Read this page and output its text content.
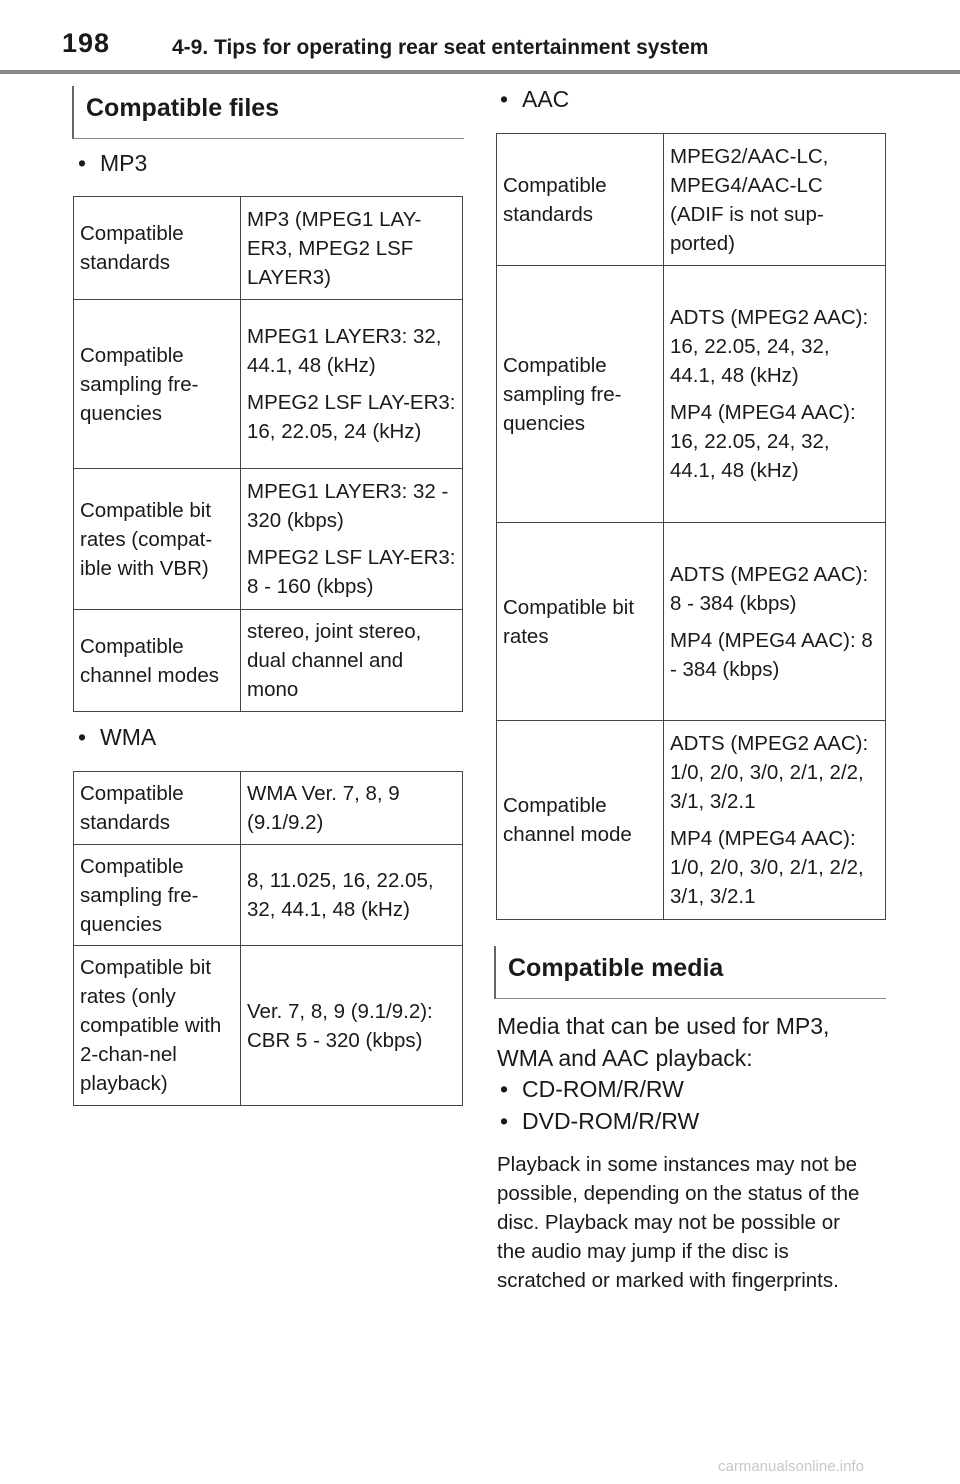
198	4-9. Tips for operating rear seat entertainment system
Compatible files
• MP3
Compatible standards	MP3 (MPEG1 LAY-ER3, MPEG2 LSF LAYER3)

Compatible sampling fre-quencies	MPEG1 LAYER3: 32, 44.1, 48 (kHz)

MPEG2 LSF LAY-ER3: 16, 22.05, 24 (kHz)

Compatible bit rates (compat-ible with VBR)	MPEG1 LAYER3: 32 - 320 (kbps)

MPEG2 LSF LAY-ER3: 8 - 160 (kbps)

Compatible channel modes	stereo, joint stereo, dual channel and mono

• WMA
Compatible standards	WMA Ver. 7, 8, 9 (9.1/9.2)

Compatible sampling fre-quencies	8, 11.025, 16, 22.05, 32, 44.1, 48 (kHz)

Compatible bit rates (only compatible with 2-chan-nel playback)	Ver. 7, 8, 9 (9.1/9.2): CBR 5 - 320 (kbps)

• AAC
Compatible standards	MPEG2/AAC-LC, MPEG4/AAC-LC (ADIF is not sup-ported)

Compatible sampling fre-quencies	ADTS (MPEG2 AAC): 16, 22.05, 24, 32, 44.1, 48 (kHz)

MP4 (MPEG4 AAC): 16, 22.05, 24, 32, 44.1, 48 (kHz)

Compatible bit rates	ADTS (MPEG2 AAC): 8 - 384 (kbps)

MP4 (MPEG4 AAC): 8 - 384 (kbps)

Compatible channel mode	ADTS (MPEG2 AAC): 1/0, 2/0, 3/0, 2/1, 2/2, 3/1, 3/2.1

MP4 (MPEG4 AAC): 1/0, 2/0, 3/0, 2/1, 2/2, 3/1, 3/2.1

Compatible media
Media that can be used for MP3, WMA and AAC playback:
• CD-ROM/R/RW
• DVD-ROM/R/RW
Playback in some instances may not be possible, depending on the status of the disc. Playback may not be possible or the audio may jump if the disc is scratched or marked with fingerprints.
carmanualsonline.info
